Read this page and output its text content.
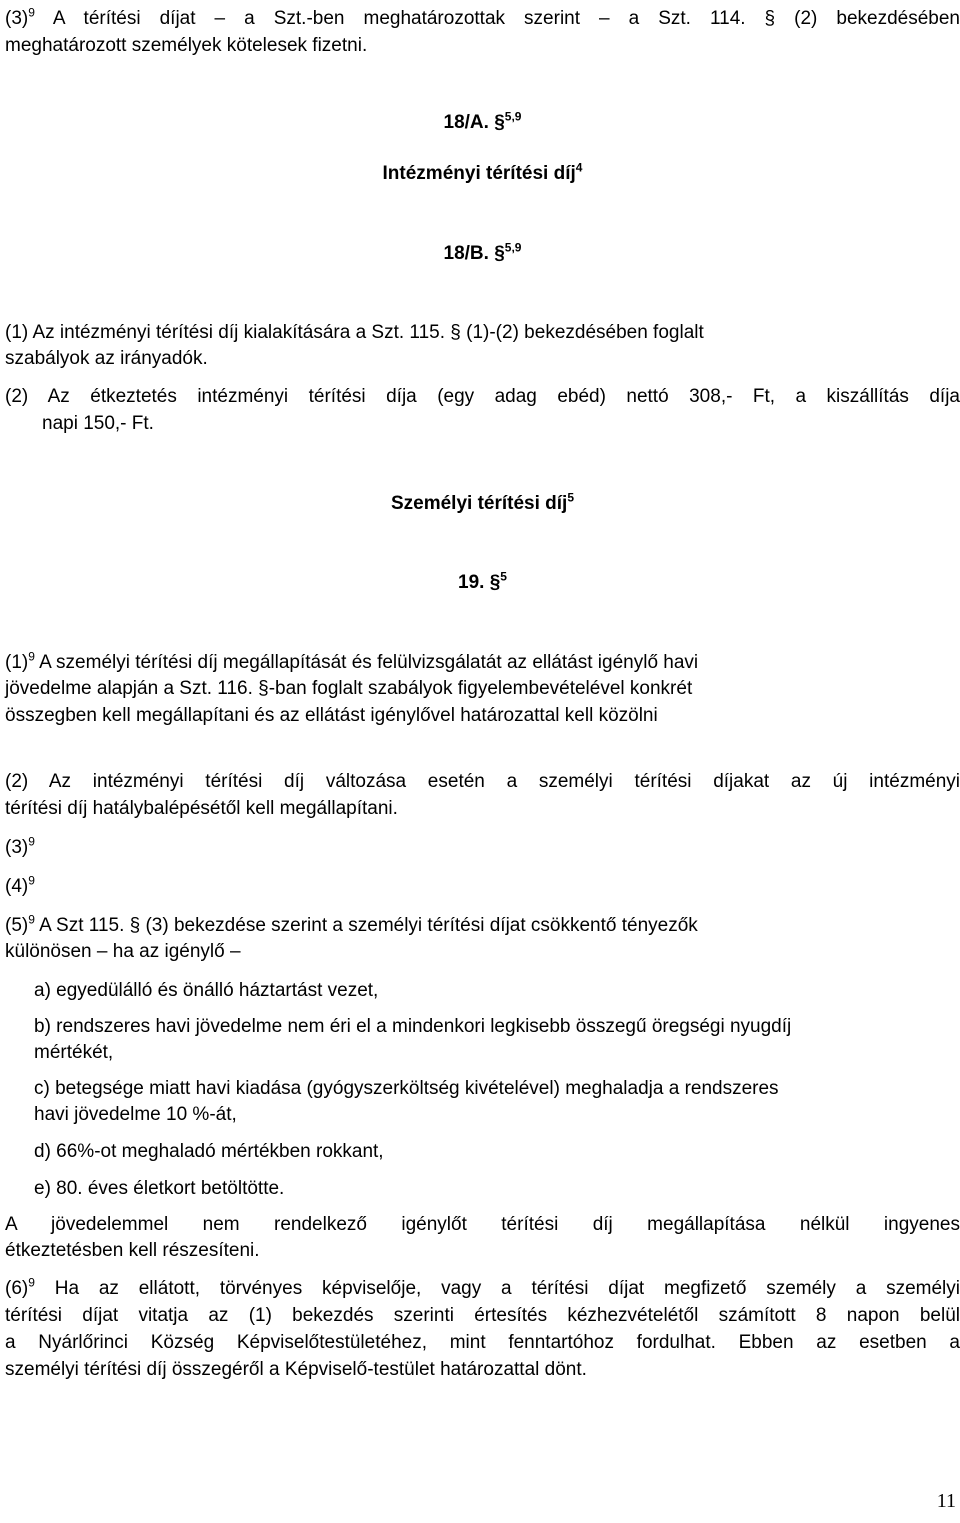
$(3)^9$ A térítési díjat – a Szt.-ben meghatározottak szerint – a Szt. 114. § (2) bekezdésében
meghatározott személyek kötelesek fizetni.
18/A. §$^{5,9}$
Intézményi térítési díj$^4$
18/B. §$^{5,9}$
(1) Az intézményi térítési díj kialakítására a Szt. 115. § (1)-(2) bekezdésében foglalt
szabályok az irányadók.
(2) Az étkeztetés intézményi térítési díja (egy adag ebéd) nettó 308,- Ft, a kiszállítás díja
napi 150,- Ft.
Személyi térítési díj$^5$
19. §$^5$
$(1)^9$ A személyi térítési díj megállapítását és felülvizsgálatát az ellátást igénylő havi
jövedelme alapján a Szt. 116. §-ban foglalt szabályok figyelembevételével konkrét
összegben kell megállapítani és az ellátást igénylővel határozattal kell közölni
(2) Az intézményi térítési díj változása esetén a személyi térítési díjakat az új intézményi
térítési díj hatálybalépésétől kell megállapítani.
$(3)^9$
$(4)^9$
$(5)^9$ A Szt 115. § (3) bekezdése szerint a személyi térítési díjat csökkentő tényezők
különösen – ha az igénylő –
a) egyedülálló és önálló háztartást vezet,
b) rendszeres havi jövedelme nem éri el a mindenkori legkisebb összegű öregségi nyugdíj
mértékét,
c) betegsége miatt havi kiadása (gyógyszerköltség kivételével) meghaladja a rendszeres
havi jövedelme 10 %-át,
d) 66%-ot meghaladó mértékben rokkant,
e) 80. éves életkort betöltötte.
A jövedelemmel nem rendelkező igénylőt térítési díj megállapítása nélkül ingyenes
étkeztetésben kell részesíteni.
$(6)^9$ Ha az ellátott, törvényes képviselője, vagy a térítési díjat megfizető személy a személyi
térítési díjat vitatja az (1) bekezdés szerinti értesítés kézhezvételétől számított 8 napon belül
a Nyárlőrinci Község Képviselőtestületéhez, mint fenntartóhoz fordulhat. Ebben az esetben a
személyi térítési díj összegéről a Képviselő-testület határozattal dönt.
11
